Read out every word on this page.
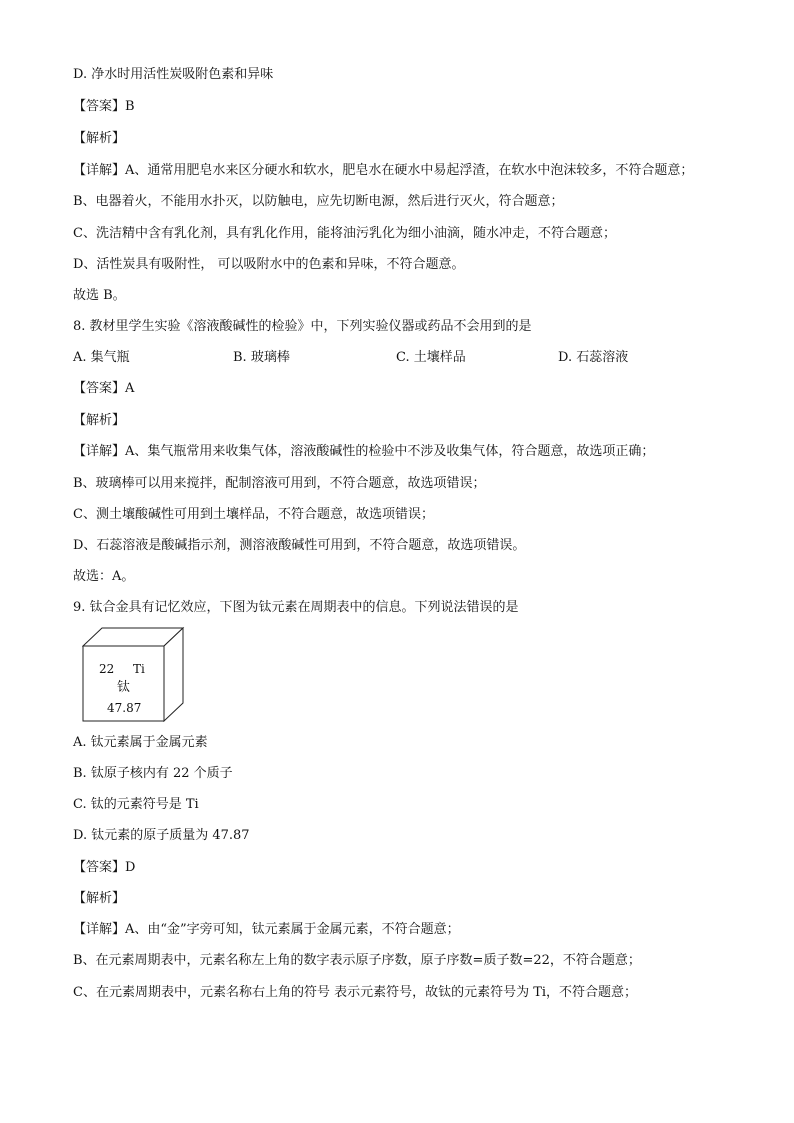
D. 净水时用活性炭吸附色素和异味
【答案】B
【解析】
【详解】A、通常用肥皂水来区分硬水和软水，肥皂水在硬水中易起浮渣，在软水中泡沫较多，不符合题意；
B、电器着火，不能用水扑灭，以防触电，应先切断电源，然后进行灭火，符合题意；
C、洗洁精中含有乳化剂，具有乳化作用，能将油污乳化为细小油滴，随水冲走，不符合题意；
D、活性炭具有吸附性， 可以吸附水中的色素和异味，不符合题意。
故选 B。
8. 教材里学生实验《溶液酸碱性的检验》中，下列实验仪器或药品不会用到的是
A. 集气瓶	B. 玻璃棒	C. 土壤样品	D. 石蕊溶液
【答案】A
【解析】
【详解】A、集气瓶常用来收集气体，溶液酸碱性的检验中不涉及收集气体，符合题意，故选项正确；
B、玻璃棒可以用来搅拌，配制溶液可用到，不符合题意，故选项错误；
C、测土壤酸碱性可用到土壤样品，不符合题意，故选项错误；
D、石蕊溶液是酸碱指示剂，测溶液酸碱性可用到，不符合题意，故选项错误。
故选：A。
9. 钛合金具有记忆效应，下图为钛元素在周期表中的信息。下列说法错误的是
22 Ti
钛
47.87
A. 钛元素属于金属元素
B. 钛原子核内有 22 个质子
C. 钛的元素符号是 Ti
D. 钛元素的原子质量为 47.87
【答案】D
【解析】
【详解】A、由“金”字旁可知，钛元素属于金属元素，不符合题意；
B、在元素周期表中，元素名称左上角的数字表示原子序数，原子序数=质子数=22，不符合题意；
C、在元素周期表中，元素名称右上角的符号 表示元素符号，故钛的元素符号为 Ti，不符合题意；
